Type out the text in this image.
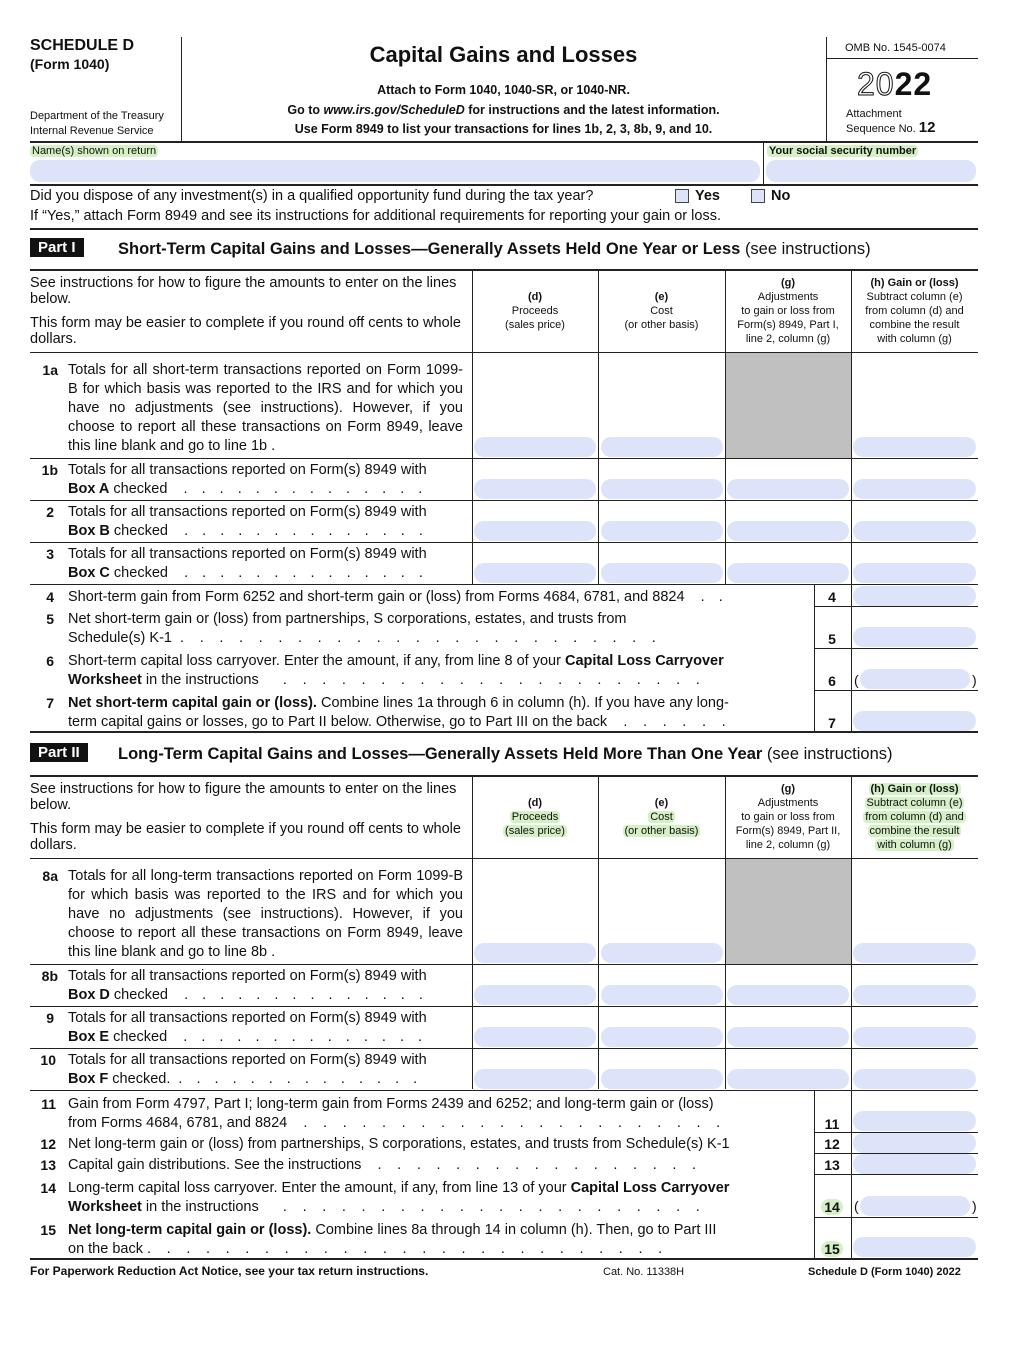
SCHEDULE D
(Form 1040)
Department of the Treasury
Internal Revenue Service
Capital Gains and Losses
Attach to Form 1040, 1040-SR, or 1040-NR.
Go to www.irs.gov/ScheduleD for instructions and the latest information.
Use Form 8949 to list your transactions for lines 1b, 2, 3, 8b, 9, and 10.
OMB No. 1545-0074
2022
Attachment
Sequence No. 12
Name(s) shown on return	Your social security number
Did you dispose of any investment(s) in a qualified opportunity fund during the tax year?	Yes	No
If “Yes,” attach Form 8949 and see its instructions for additional requirements for reporting your gain or loss.
Part I	Short-Term Capital Gains and Losses—Generally Assets Held One Year or Less (see instructions)
See instructions for how to figure the amounts to enter on the lines below.
This form may be easier to complete if you round off cents to whole dollars.
(d)
Proceeds
(sales price)
(e)
Cost
(or other basis)
(g)
Adjustments
to gain or loss from
Form(s) 8949, Part I,
line 2, column (g)
(h) Gain or (loss)
Subtract column (e)
from column (d) and
combine the result
with column (g)
1a Totals for all short-term transactions reported on Form 1099-B for which basis was reported to the IRS and for which you have no adjustments (see instructions). However, if you choose to report all these transactions on Form 8949, leave this line blank and go to line 1b .
1b Totals for all transactions reported on Form(s) 8949 with
Box A checked . . . . . . . . . . . . . .
2 Totals for all transactions reported on Form(s) 8949 with
Box B checked . . . . . . . . . . . . . .
3 Totals for all transactions reported on Form(s) 8949 with
Box C checked . . . . . . . . . . . . . .
4 Short-term gain from Form 6252 and short-term gain or (loss) from Forms 4684, 6781, and 8824 . .	4
5 Net short-term gain or (loss) from partnerships, S corporations, estates, and trusts from
Schedule(s) K-1 . . . . . . . . . . . . . . . . . . . . . . . . .	5
6 Short-term capital loss carryover. Enter the amount, if any, from line 8 of your Capital Loss Carryover
Worksheet in the instructions . . . . . . . . . . . . . . . . . . . . . .	6	(	)
7 Net short-term capital gain or (loss). Combine lines 1a through 6 in column (h). If you have any long-
term capital gains or losses, go to Part II below. Otherwise, go to Part III on the back . . . . . .	7
Part II	Long-Term Capital Gains and Losses—Generally Assets Held More Than One Year (see instructions)
See instructions for how to figure the amounts to enter on the lines below.
This form may be easier to complete if you round off cents to whole dollars.
(d)
Proceeds
(sales price)
(e)
Cost
(or other basis)
(g)
Adjustments
to gain or loss from
Form(s) 8949, Part II,
line 2, column (g)
(h) Gain or (loss)
Subtract column (e)
from column (d) and
combine the result
with column (g)
8a Totals for all long-term transactions reported on Form 1099-B for which basis was reported to the IRS and for which you have no adjustments (see instructions). However, if you choose to report all these transactions on Form 8949, leave this line blank and go to line 8b .
8b Totals for all transactions reported on Form(s) 8949 with
Box D checked . . . . . . . . . . . . . .
9 Totals for all transactions reported on Form(s) 8949 with
Box E checked . . . . . . . . . . . . . .
10 Totals for all transactions reported on Form(s) 8949 with
Box F checked. . . . . . . . . . . . . . .
11 Gain from Form 4797, Part I; long-term gain from Forms 2439 and 6252; and long-term gain or (loss)
from Forms 4684, 6781, and 8824 . . . . . . . . . . . . . . . . . . . . . .	11
12 Net long-term gain or (loss) from partnerships, S corporations, estates, and trusts from Schedule(s) K-1	12
13 Capital gain distributions. See the instructions . . . . . . . . . . . . . . . . .	13
14 Long-term capital loss carryover. Enter the amount, if any, from line 13 of your Capital Loss Carryover
Worksheet in the instructions . . . . . . . . . . . . . . . . . . . . . .	14	(	)
15 Net long-term capital gain or (loss). Combine lines 8a through 14 in column (h). Then, go to Part III
on the back . . . . . . . . . . . . . . . . . . . . . . . . . . .	15
For Paperwork Reduction Act Notice, see your tax return instructions.	Cat. No. 11338H	Schedule D (Form 1040) 2022
